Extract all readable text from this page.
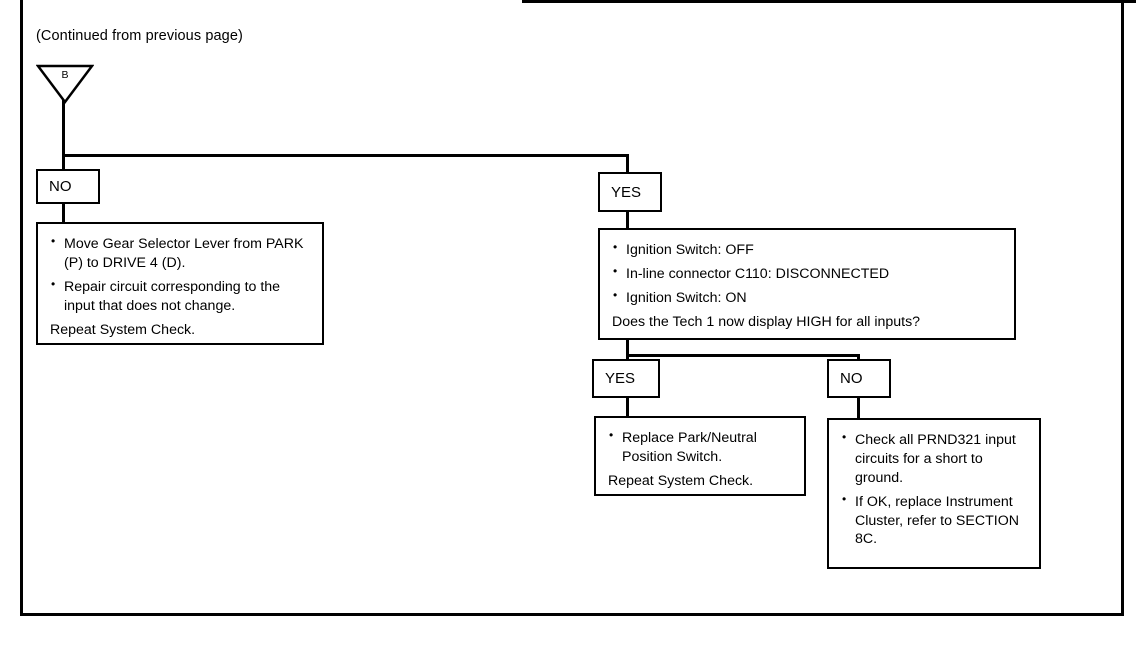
(Continued from previous page)
B
NO
• Move Gear Selector Lever from PARK (P) to DRIVE 4 (D).
• Repair circuit corresponding to the input that does not change.

Repeat System Check.

YES
• Ignition Switch: OFF
• In-line connector C110: DISCONNECTED
• Ignition Switch: ON

Does the Tech 1 now display HIGH for all inputs?

YES
• Replace Park/Neutral Position Switch.

Repeat System Check.

NO
• Check all PRND321 input circuits for a short to ground.
• If OK, replace Instrument Cluster, refer to SECTION 8C.
